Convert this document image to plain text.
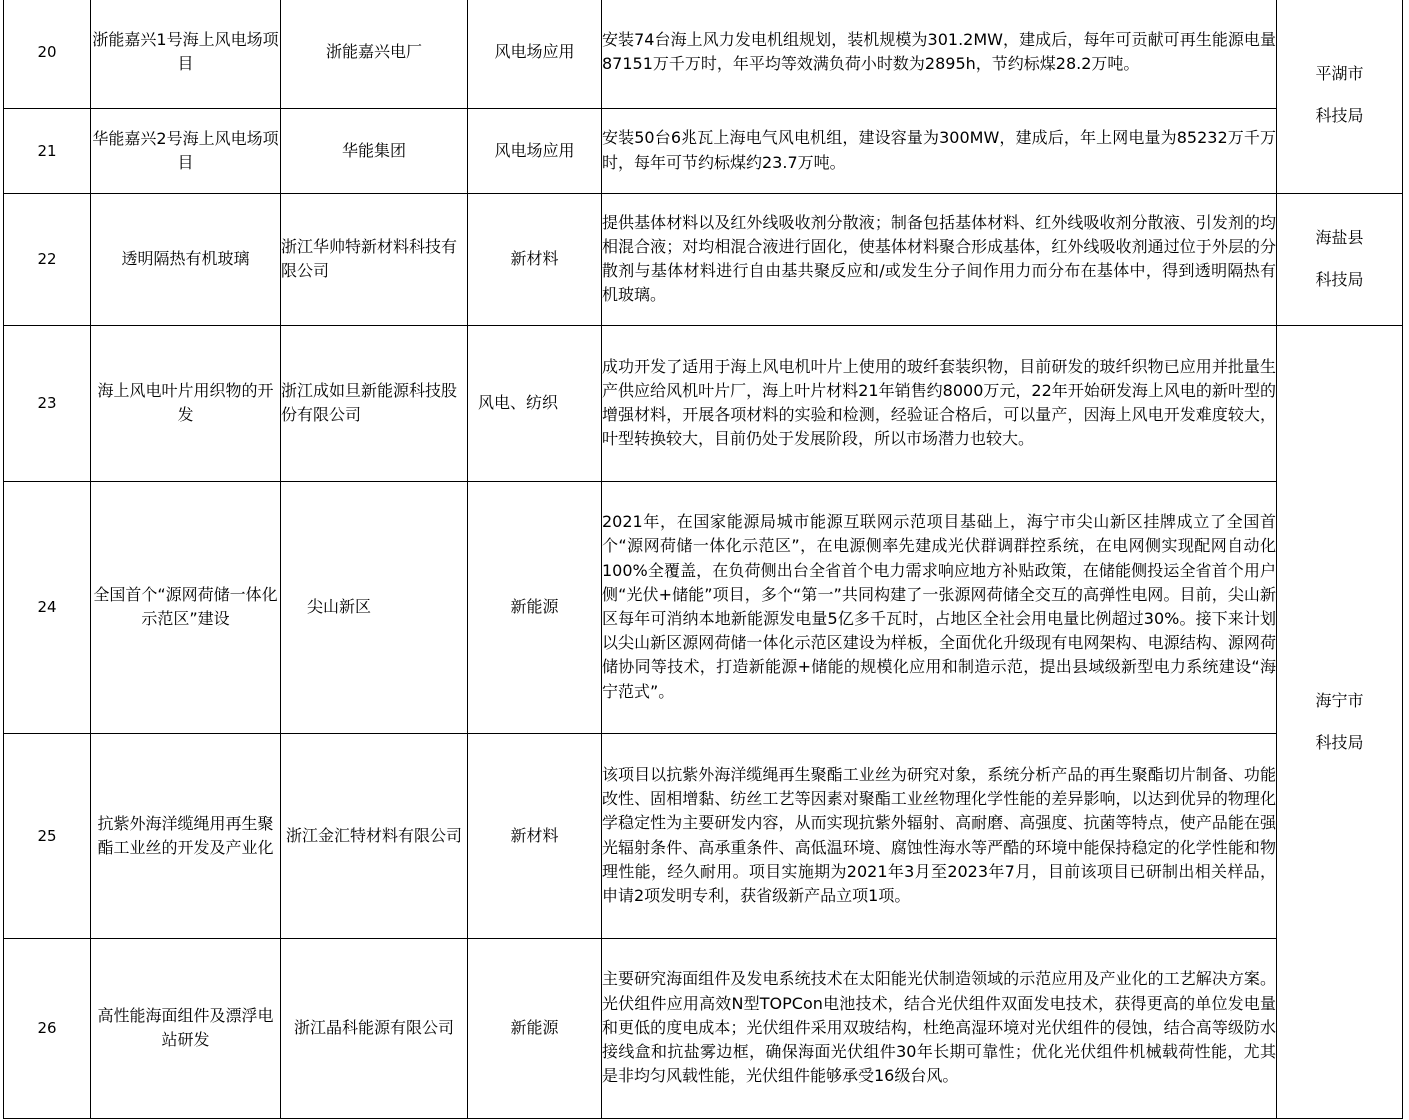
20	浙能嘉兴1号海上风电场项目	浙能嘉兴电厂	风电场应用	安装74台海上风力发电机组规划，装机规模为301.2MW，建成后，每年可贡献可再生能源电量87151万千万时，年平均等效满负荷小时数为2895h，节约标煤28.2万吨。	平湖市
科技局	

21	华能嘉兴2号海上风电场项目	华能集团	风电场应用	安装50台6兆瓦上海电气风电机组，建设容量为300MW，建成后，年上网电量为85232万千万时，每年可节约标煤约23.7万吨。		
22	透明隔热有机玻璃	浙江华帅特新材料科技有限公司	新材料	提供基体材料以及红外线吸收剂分散液；制备包括基体材料、红外线吸收剂分散液、引发剂的均相混合液；对均相混合液进行固化，使基体材料聚合形成基体，红外线吸收剂通过位于外层的分散剂与基体材料进行自由基共聚反应和/或发生分子间作用力而分布在基体中，得到透明隔热有机玻璃。	海盐县
科技局	

23	海上风电叶片用织物的开发	浙江成如旦新能源科技股份有限公司	风电、纺织	成功开发了适用于海上风电机叶片上使用的玻纤套装织物，目前研发的玻纤织物已应用并批量生产供应给风机叶片厂，海上叶片材料21年销售约8000万元，22年开始研发海上风电的新叶型的增强材料，开展各项材料的实验和检测，经验证合格后，可以量产，因海上风电开发难度较大，叶型转换较大，目前仍处于发展阶段，所以市场潜力也较大。	海宁市
科技局	

24	全国首个“源网荷储一体化示范区”建设	尖山新区	新能源	2021年，在国家能源局城市能源互联网示范项目基础上，海宁市尖山新区挂牌成立了全国首个“源网荷储一体化示范区”，在电源侧率先建成光伏群调群控系统，在电网侧实现配网自动化100%全覆盖，在负荷侧出台全省首个电力需求响应地方补贴政策，在储能侧投运全省首个用户侧“光伏+储能”项目，多个“第一”共同构建了一张源网荷储全交互的高弹性电网。目前，尖山新区每年可消纳本地新能源发电量5亿多千瓦时，占地区全社会用电量比例超过30%。接下来计划以尖山新区源网荷储一体化示范区建设为样板，全面优化升级现有电网架构、电源结构、源网荷储协同等技术，打造新能源+储能的规模化应用和制造示范，提出县域级新型电力系统建设“海宁范式”。		
25	抗紫外海洋缆绳用再生聚酯工业丝的开发及产业化	浙江金汇特材料有限公司	新材料	该项目以抗紫外海洋缆绳再生聚酯工业丝为研究对象，系统分析产品的再生聚酯切片制备、功能改性、固相增黏、纺丝工艺等因素对聚酯工业丝物理化学性能的差异影响，以达到优异的物理化学稳定性为主要研发内容，从而实现抗紫外辐射、高耐磨、高强度、抗菌等特点，使产品能在强光辐射条件、高承重条件、高低温环境、腐蚀性海水等严酷的环境中能保持稳定的化学性能和物理性能，经久耐用。项目实施期为2021年3月至2023年7月，目前该项目已研制出相关样品，申请2项发明专利，获省级新产品立项1项。		
26	高性能海面组件及漂浮电站研发	浙江晶科能源有限公司	新能源	主要研究海面组件及发电系统技术在太阳能光伏制造领域的示范应用及产业化的工艺解决方案。光伏组件应用高效N型TOPCon电池技术，结合光伏组件双面发电技术，获得更高的单位发电量和更低的度电成本；光伏组件采用双玻结构，杜绝高湿环境对光伏组件的侵蚀，结合高等级防水接线盒和抗盐雾边框，确保海面光伏组件30年长期可靠性；优化光伏组件机械载荷性能，尤其是非均匀风载性能，光伏组件能够承受16级台风。		
